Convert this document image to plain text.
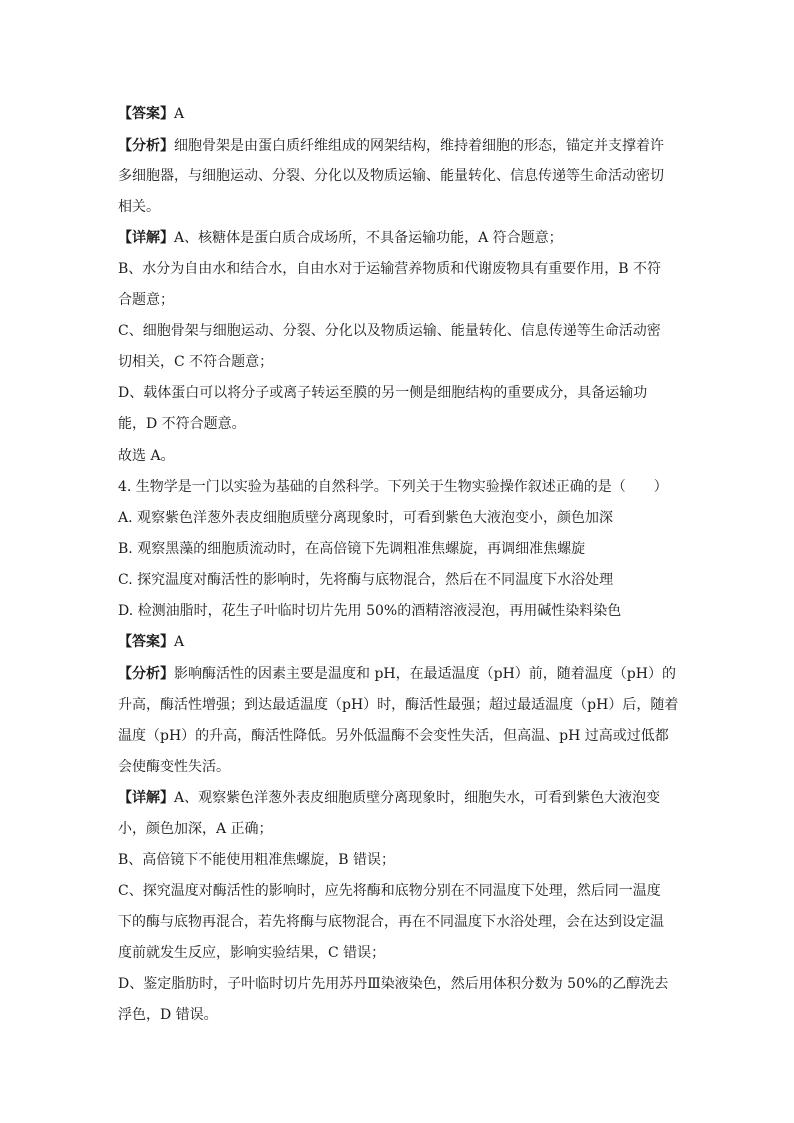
【答案】A
【分析】细胞骨架是由蛋白质纤维组成的网架结构，维持着细胞的形态，锚定并支撑着许
多细胞器，与细胞运动、分裂、分化以及物质运输、能量转化、信息传递等生命活动密切
相关。
【详解】A、核糖体是蛋白质合成场所，不具备运输功能，A 符合题意；
B、水分为自由水和结合水，自由水对于运输营养物质和代谢废物具有重要作用，B 不符
合题意；
C、细胞骨架与细胞运动、分裂、分化以及物质运输、能量转化、信息传递等生命活动密
切相关，C 不符合题意；
D、载体蛋白可以将分子或离子转运至膜的另一侧是细胞结构的重要成分，具备运输功
能，D 不符合题意。
故选 A。
4. 生物学是一门以实验为基础的自然科学。下列关于生物实验操作叙述正确的是（　　）
A. 观察紫色洋葱外表皮细胞质壁分离现象时，可看到紫色大液泡变小，颜色加深
B. 观察黑藻的细胞质流动时，在高倍镜下先调粗准焦螺旋，再调细准焦螺旋
C. 探究温度对酶活性的影响时，先将酶与底物混合，然后在不同温度下水浴处理
D. 检测油脂时，花生子叶临时切片先用 50%的酒精溶液浸泡，再用碱性染料染色
【答案】A
【分析】影响酶活性的因素主要是温度和 pH，在最适温度（pH）前，随着温度（pH）的
升高，酶活性增强；到达最适温度（pH）时，酶活性最强；超过最适温度（pH）后，随着
温度（pH）的升高，酶活性降低。另外低温酶不会变性失活，但高温、pH 过高或过低都
会使酶变性失活。
【详解】A、观察紫色洋葱外表皮细胞质壁分离现象时，细胞失水，可看到紫色大液泡变
小，颜色加深，A 正确；
B、高倍镜下不能使用粗准焦螺旋，B 错误；
C、探究温度对酶活性的影响时，应先将酶和底物分别在不同温度下处理，然后同一温度
下的酶与底物再混合，若先将酶与底物混合，再在不同温度下水浴处理，会在达到设定温
度前就发生反应，影响实验结果，C 错误；
D、鉴定脂肪时，子叶临时切片先用苏丹Ⅲ染液染色，然后用体积分数为 50%的乙醇洗去
浮色，D 错误。
